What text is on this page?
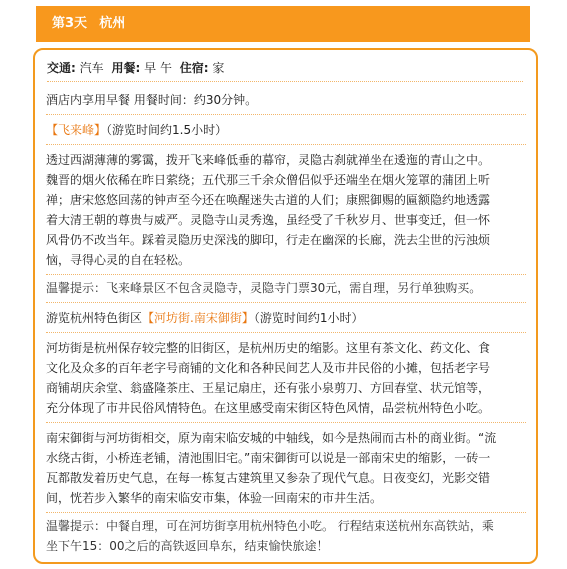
第3天 杭州
交通: 汽车 用餐: 早 午 住宿: 家
酒店内享用早餐 用餐时间：约30分钟。
【飞来峰】（游览时间约1.5小时）
透过西湖薄薄的雾霭，拨开飞来峰低垂的幕帘，灵隐古刹就禅坐在逶迤的青山之中。
魏晋的烟火依稀在昨日萦绕；五代那三千余众僧侣似乎还端坐在烟火笼罩的蒲团上听
禅；唐宋悠悠回荡的钟声至今还在唤醒迷失古道的人们；康熙御赐的匾额隐约地透露
着大清王朝的尊贵与威严。灵隐寺山灵秀逸，虽经受了千秋岁月、世事变迁，但一怀
风骨仍不改当年。踩着灵隐历史深浅的脚印，行走在幽深的长廊，洗去尘世的污浊烦
恼，寻得心灵的自在轻松。
温馨提示：飞来峰景区不包含灵隐寺，灵隐寺门票30元，需自理，另行单独购买。
游览杭州特色街区【河坊街.南宋御街】（游览时间约1小时）
河坊街是杭州保存较完整的旧街区，是杭州历史的缩影。这里有茶文化、药文化、食
文化及众多的百年老字号商铺的文化和各种民间艺人及市井民俗的小摊，包括老字号
商铺胡庆余堂、翁盛隆茶庄、王星记扇庄，还有张小泉剪刀、方回春堂、状元馆等，
充分体现了市井民俗风情特色。在这里感受南宋街区特色风情，品尝杭州特色小吃。
南宋御街与河坊街相交，原为南宋临安城的中轴线，如今是热闹而古朴的商业街。“流
水绕古街，小桥连老铺，清池围旧宅。”南宋御街可以说是一部南宋史的缩影，一砖一
瓦都散发着历史气息，在每一栋复古建筑里又参杂了现代气息。日夜变幻，光影交错
间，恍若步入繁华的南宋临安市集，体验一回南宋的市井生活。
温馨提示：中餐自理，可在河坊街享用杭州特色小吃。 行程结束送杭州东高铁站，乘
坐下午15：00之后的高铁返回阜东，结束愉快旅途！
